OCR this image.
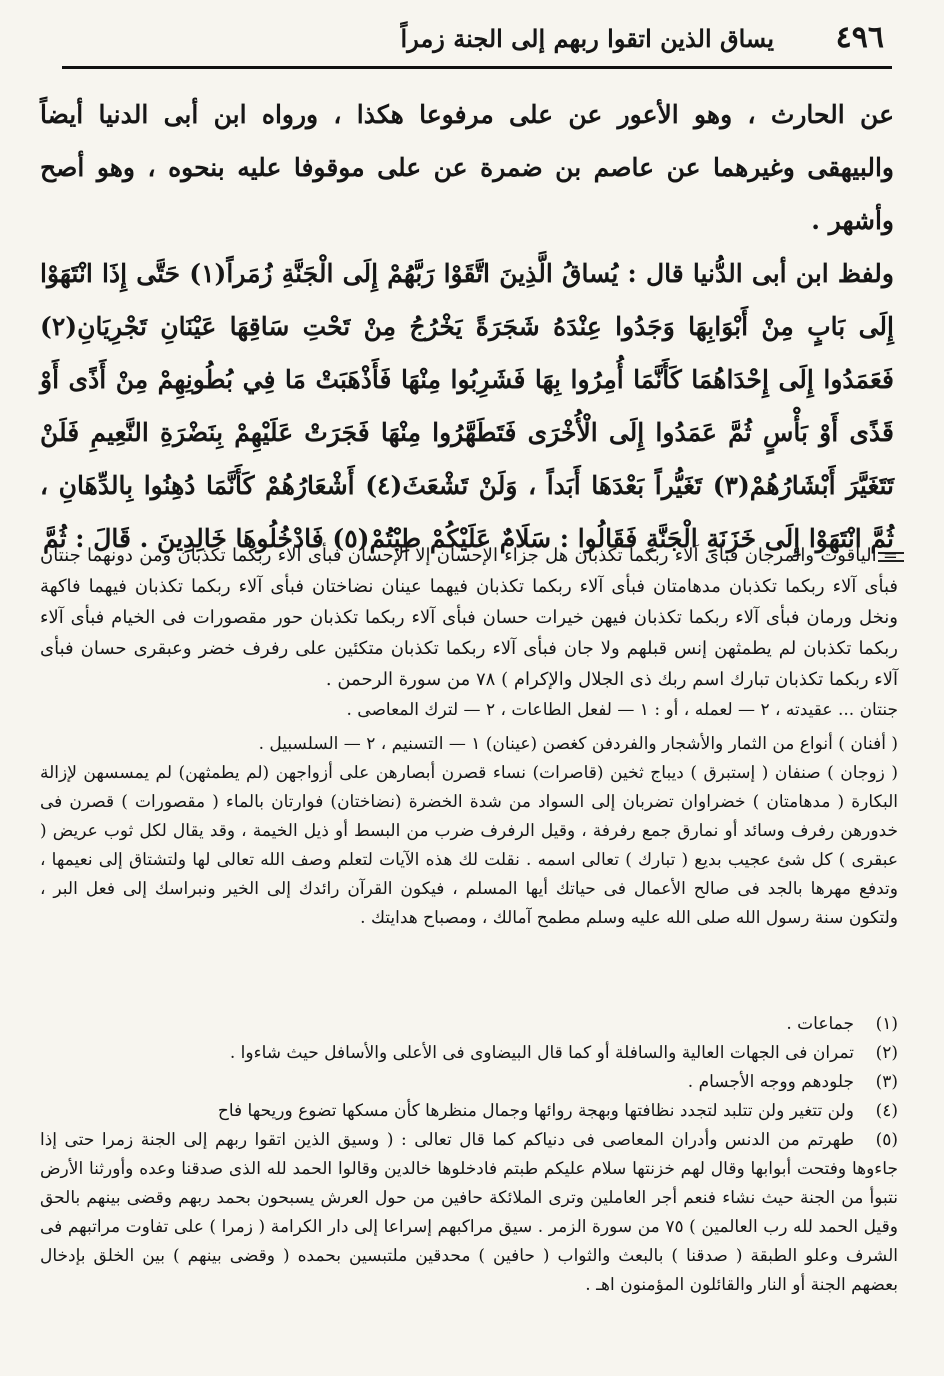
٤٩٦
يساق الذين اتقوا ربهم إلى الجنة زمراً

عن الحارث ، وهو الأعور عن على مرفوعا هكذا ، ورواه ابن أبى الدنيا أيضاً والبيهقى وغيرهما عن عاصم بن ضمرة عن على موقوفا عليه بنحوه ، وهو أصح وأشهر .

ولفظ ابن أبى الدُّنيا قال : يُساقُ الَّذِينَ اتَّقَوْا رَبَّهُمْ إِلَى الْجَنَّةِ زُمَراً(١) حَتَّى إِذَا انْتَهَوْا إِلَى بَابٍ مِنْ أَبْوَابِهَا وَجَدُوا عِنْدَهُ شَجَرَةً يَخْرُجُ مِنْ تَحْتِ سَاقِهَا عَيْنَانِ تَجْرِيَانِ(٢) فَعَمَدُوا إِلَى إِحْدَاهُمَا كَأَنَّمَا أُمِرُوا بِهَا فَشَرِبُوا مِنْهَا فَأَذْهَبَتْ مَا فِي بُطُونِهِمْ مِنْ أَذًى أَوْ قَذًى أَوْ بَأْسٍ ثُمَّ عَمَدُوا إِلَى الْأُخْرَى فَتَطَهَّرُوا مِنْهَا فَجَرَتْ عَلَيْهِمْ بِنَضْرَةِ النَّعِيمِ فَلَنْ تَتَغَيَّرَ أَبْشَارُهُمْ(٣) تَغَيُّراً بَعْدَهَا أَبَداً ، وَلَنْ تَشْعَثَ(٤) أَشْعَارُهُمْ كَأَنَّمَا دُهِنُوا بِالدِّهَانِ ، ثُمَّ انْتَهَوْا إِلَى خَزَنَةِ الْجَنَّةِ فَقَالُوا : سَلَامٌ عَلَيْكُمْ طِبْتُمْ(٥) فَادْخُلُوهَا خَالِدِينَ . قَالَ : ثُمَّ

= الياقوت والمرجان فبأى آلاء ربكما تكذبان هل جزاء الإحسان إلا الإحسان فبأى آلاء ربكما تكذبان ومن دونهما جنتان فبأى آلاء ربكما تكذبان مدهامتان فبأى آلاء ربكما تكذبان فيهما عينان نضاختان فبأى آلاء ربكما تكذبان فيهما فاكهة ونخل ورمان فبأى آلاء ربكما تكذبان فيهن خيرات حسان فبأى آلاء ربكما تكذبان حور مقصورات فى الخيام فبأى آلاء ربكما تكذبان لم يطمثهن إنس قبلهم ولا جان فبأى آلاء ربكما تكذبان متكئين على رفرف خضر وعبقرى حسان فبأى آلاء ربكما تكذبان تبارك اسم ربك ذى الجلال والإكرام ) ٧٨ من سورة الرحمن .

جنتان ... عقيدته ، ٢ — لعمله ، أو : ١ — لفعل الطاعات ، ٢ — لترك المعاصى .

( أفنان ) أنواع من الثمار والأشجار والفردفن كغصن (عينان) ١ — التسنيم ، ٢ — السلسبيل .

( زوجان ) صنفان ( إستبرق ) ديباج ثخين (قاصرات) نساء قصرن أبصارهن على أزواجهن (لم يطمثهن) لم يمسسهن لإزالة البكارة ( مدهامتان ) خضراوان تضربان إلى السواد من شدة الخضرة (نضاختان) فوارتان بالماء ( مقصورات ) قصرن فى خدورهن رفرف وسائد أو نمارق جمع رفرفة ، وقيل الرفرف ضرب من البسط أو ذيل الخيمة ، وقد يقال لكل ثوب عريض ( عبقرى ) كل شئ عجيب بديع ( تبارك ) تعالى اسمه . نقلت لك هذه الآيات لتعلم وصف الله تعالى لها ولتشتاق إلى نعيمها ، وتدفع مهرها بالجد فى صالح الأعمال فى حياتك أيها المسلم ، فيكون القرآن رائدك إلى الخير ونبراسك إلى فعل البر ، ولتكون سنة رسول الله صلى الله عليه وسلم مطمح آمالك ، ومصباح هدايتك .

(١)جماعات .

(٢)تمران فى الجهات العالية والسافلة أو كما قال البيضاوى فى الأعلى والأسافل حيث شاءوا .

(٣)جلودهم ووجه الأجسام .

(٤)ولن تتغير ولن تتلبد لتجدد نظافتها وبهجة روائها وجمال منظرها كأن مسكها تضوع وريحها فاح

(٥)طهرتم من الدنس وأدران المعاصى فى دنياكم كما قال تعالى : ( وسيق الذين اتقوا ربهم إلى الجنة زمرا حتى إذا جاءوها وفتحت أبوابها وقال لهم خزنتها سلام عليكم طبتم فادخلوها خالدين وقالوا الحمد لله الذى صدقنا وعده وأورثنا الأرض نتبوأ من الجنة حيث نشاء فنعم أجر العاملين وترى الملائكة حافين من حول العرش يسبحون بحمد ربهم وقضى بينهم بالحق وقيل الحمد لله رب العالمين ) ٧٥ من سورة الزمر . سيق مراكبهم إسراعا إلى دار الكرامة ( زمرا ) على تفاوت مراتبهم فى الشرف وعلو الطبقة ( صدقنا ) بالبعث والثواب ( حافين ) محدقين ملتبسين بحمده ( وقضى بينهم ) بين الخلق بإدخال بعضهم الجنة أو النار والقائلون المؤمنون اهـ .
